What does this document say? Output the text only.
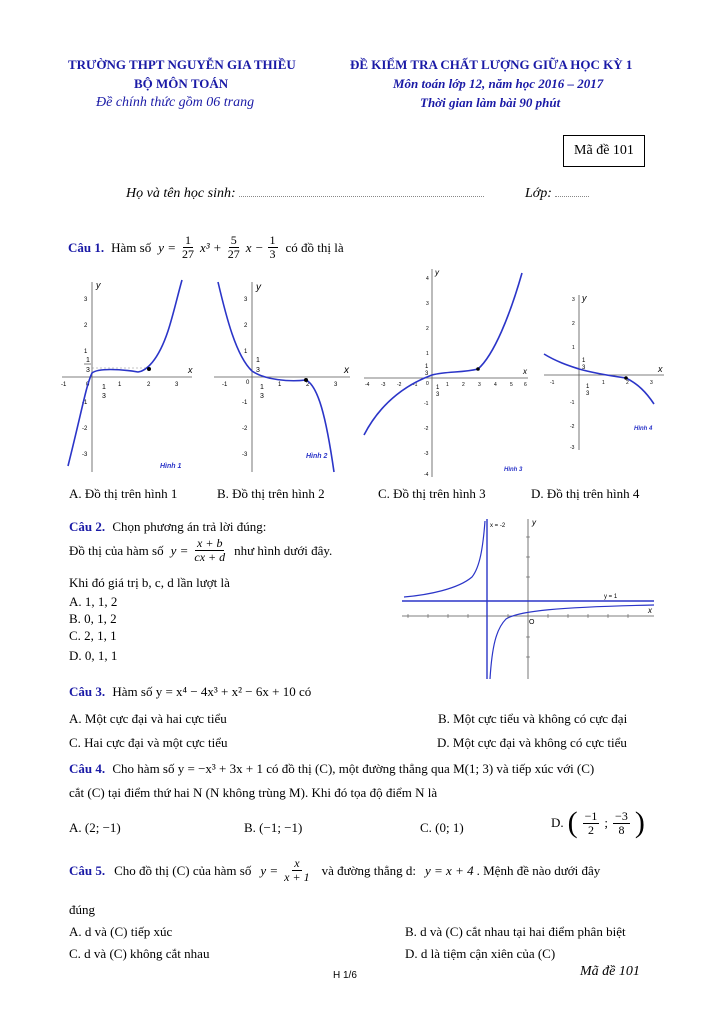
TRƯỜNG THPT NGUYỄN GIA THIỀU
BỘ MÔN TOÁN
Đề chính thức gồm 06 trang
ĐỀ KIỂM TRA CHẤT LƯỢNG GIỮA HỌC KỲ 1
Môn toán lớp 12, năm học 2016 – 2017
Thời gian làm bài 90 phút
Mã đề 101
Họ và tên học sinh:	Lớp:
Câu 1. Hàm số $y = \frac{1}{27} x^3 + \frac{5}{27}$ $x - \frac{1}{3}$ có đồ thị là
x
y
3
2
1
-1
-2
-3
-1	1	2	3
0
1
3
1
3
Hình 1
x
y
3
2
1
-1
-2
-3
-1	1	2	3
0
1
3
1
3
Hình 2
x
y
4
3
2
1
-1
-2
-3
-4
-4 -3 -2 -1	1	2	3	4	5 6
0
1
3
1
3
Hình 3
x
y
3
2
1
-1
-2
-3
-1	1	2	3
1
3
1
3
Hình 4
A. Đồ thị trên hình 1	B. Đồ thị trên hình 2	C. Đồ thị trên hình 3	D. Đồ thị trên hình 4
Câu 2. Chọn phương án trả lời đúng:
Đồ thị của hàm số $y = \frac{x + b}{cx + d}$ như hình dưới đây.
Khi đó giá trị b, c, d lần lượt là
A. 1, 1, 2
B. 0, 1, 2
C. 2, 1, 1
D. 0, 1, 1
x = -2
y = 1
O
x
y
Câu 3. Hàm số y = x⁴ − 4x³ + x² − 6x + 10 có
A. Một cực đại và hai cực tiểu	B. Một cực tiểu và không có cực đại
C. Hai cực đại và một cực tiểu	D. Một cực đại và không có cực tiểu
Câu 4. Cho hàm số y = −x³ + 3x + 1 có đồ thị (C), một đường thẳng qua M(1; 3) và tiếp xúc với (C)
cắt (C) tại điểm thứ hai N (N không trùng M). Khi đó tọa độ điểm N là
A. (2; −1)	B. (−1; −1)	C. (0; 1)	D. ( $\frac{-1}{2}$ ; $\frac{-3}{8}$ )
Câu 5. Cho đồ thị (C) của hàm số $y = \frac{x}{x + 1}$ và đường thẳng d: y = x + 4 . Mệnh đề nào dưới đây
đúng
A. d và (C) tiếp xúc	B. d và (C) cắt nhau tại hai điểm phân biệt
C. d và (C) không cắt nhau	D. d là tiệm cận xiên của (C)
H 1/6	Mã đề 101
